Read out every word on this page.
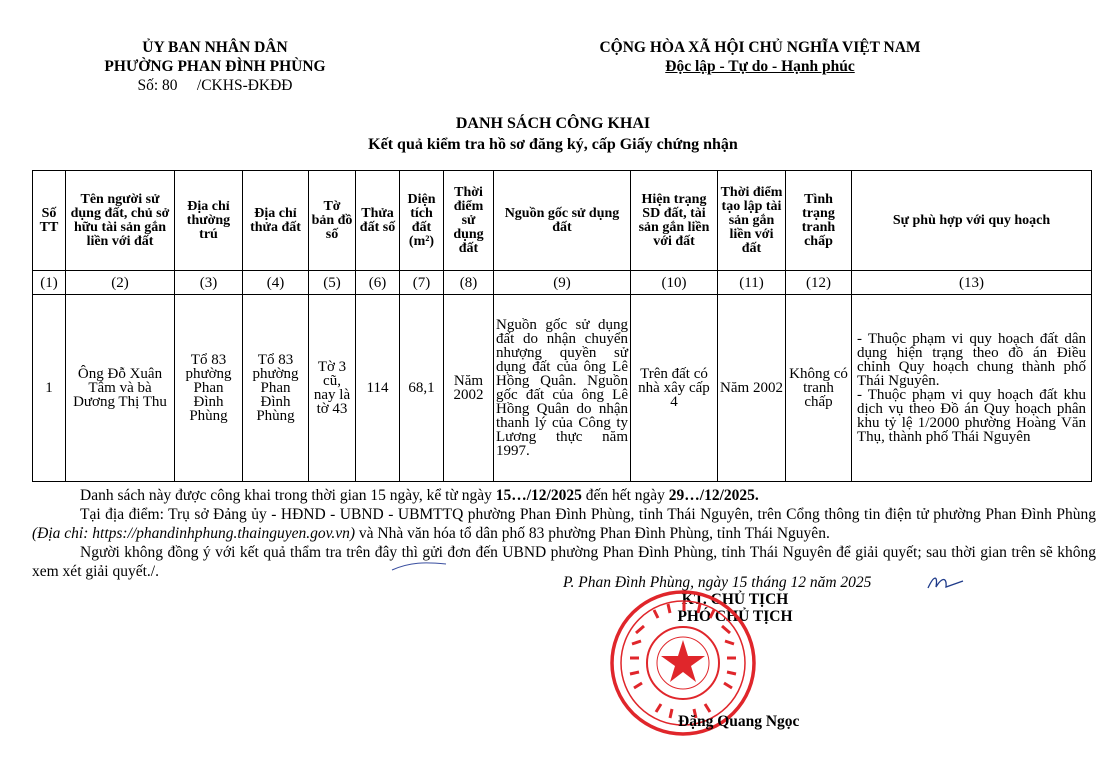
ỦY BAN NHÂN DÂN
PHƯỜNG PHAN ĐÌNH PHÙNG
Số: 80     /CKHS-ĐKĐĐ
CỘNG HÒA XÃ HỘI CHỦ NGHĨA VIỆT NAM
Độc lập - Tự do - Hạnh phúc
DANH SÁCH CÔNG KHAI
Kết quả kiểm tra hồ sơ đăng ký, cấp Giấy chứng nhận
Số TT	Tên người sử dụng đất, chủ sở hữu tài sản gắn liền với đất	Địa chỉ thường trú	Địa chỉ thửa đất	Tờ bản đồ số	Thửa đất số	Diện tích đất (m²)	Thời điểm sử dụng đất	Nguồn gốc sử dụng đất	Hiện trạng SD đất, tài sản gắn liền với đất	Thời điểm tạo lập tài sản gắn liền với đất	Tình trạng tranh chấp	Sự phù hợp với quy hoạch
(1)	(2)	(3)	(4)	(5)	(6)	(7)	(8)	(9)	(10)	(11)	(12)	(13)
1	Ông Đỗ Xuân Tâm và bà Dương Thị Thu	Tổ 83 phường Phan Đình Phùng	Tổ 83 phường Phan Đình Phùng	Tờ 3 cũ, nay là tờ 43	114	68,1	Năm 2002	Nguồn gốc sử dụng đất do nhận chuyển nhượng quyền sử dụng đất của ông Lê Hồng Quân. Nguồn gốc đất của ông Lê Hồng Quân do nhận thanh lý của Công ty Lương thực năm 1997.	Trên đất có nhà xây cấp 4	Năm 2002	Không có tranh chấp	- Thuộc phạm vi quy hoạch đất dân dụng hiện trạng theo đồ án Điều chỉnh Quy hoạch chung thành phố Thái Nguyên.
- Thuộc phạm vi quy hoạch đất khu dịch vụ theo Đồ án Quy hoạch phân khu tỷ lệ 1/2000 phường Hoàng Văn Thụ, thành phố Thái Nguyên
Danh sách này được công khai trong thời gian 15 ngày, kể từ ngày 15…/12/2025 đến hết ngày 29…/12/2025.
Tại địa điểm: Trụ sở Đảng ủy - HĐND - UBND - UBMTTQ phường Phan Đình Phùng, tỉnh Thái Nguyên, trên Cổng thông tin điện tử phường Phan Đình Phùng (Địa chỉ: https://phandinhphung.thainguyen.gov.vn) và Nhà văn hóa tổ dân phố 83 phường Phan Đình Phùng, tỉnh Thái Nguyên.
Người không đồng ý với kết quả thẩm tra trên đây thì gửi đơn đến UBND phường Phan Đình Phùng, tỉnh Thái Nguyên để giải quyết; sau thời gian trên sẽ không xem xét giải quyết./.
P. Phan Đình Phùng, ngày 15 tháng 12 năm 2025
KT. CHỦ TỊCH
PHÓ CHỦ TỊCH
Đặng Quang Ngọc
